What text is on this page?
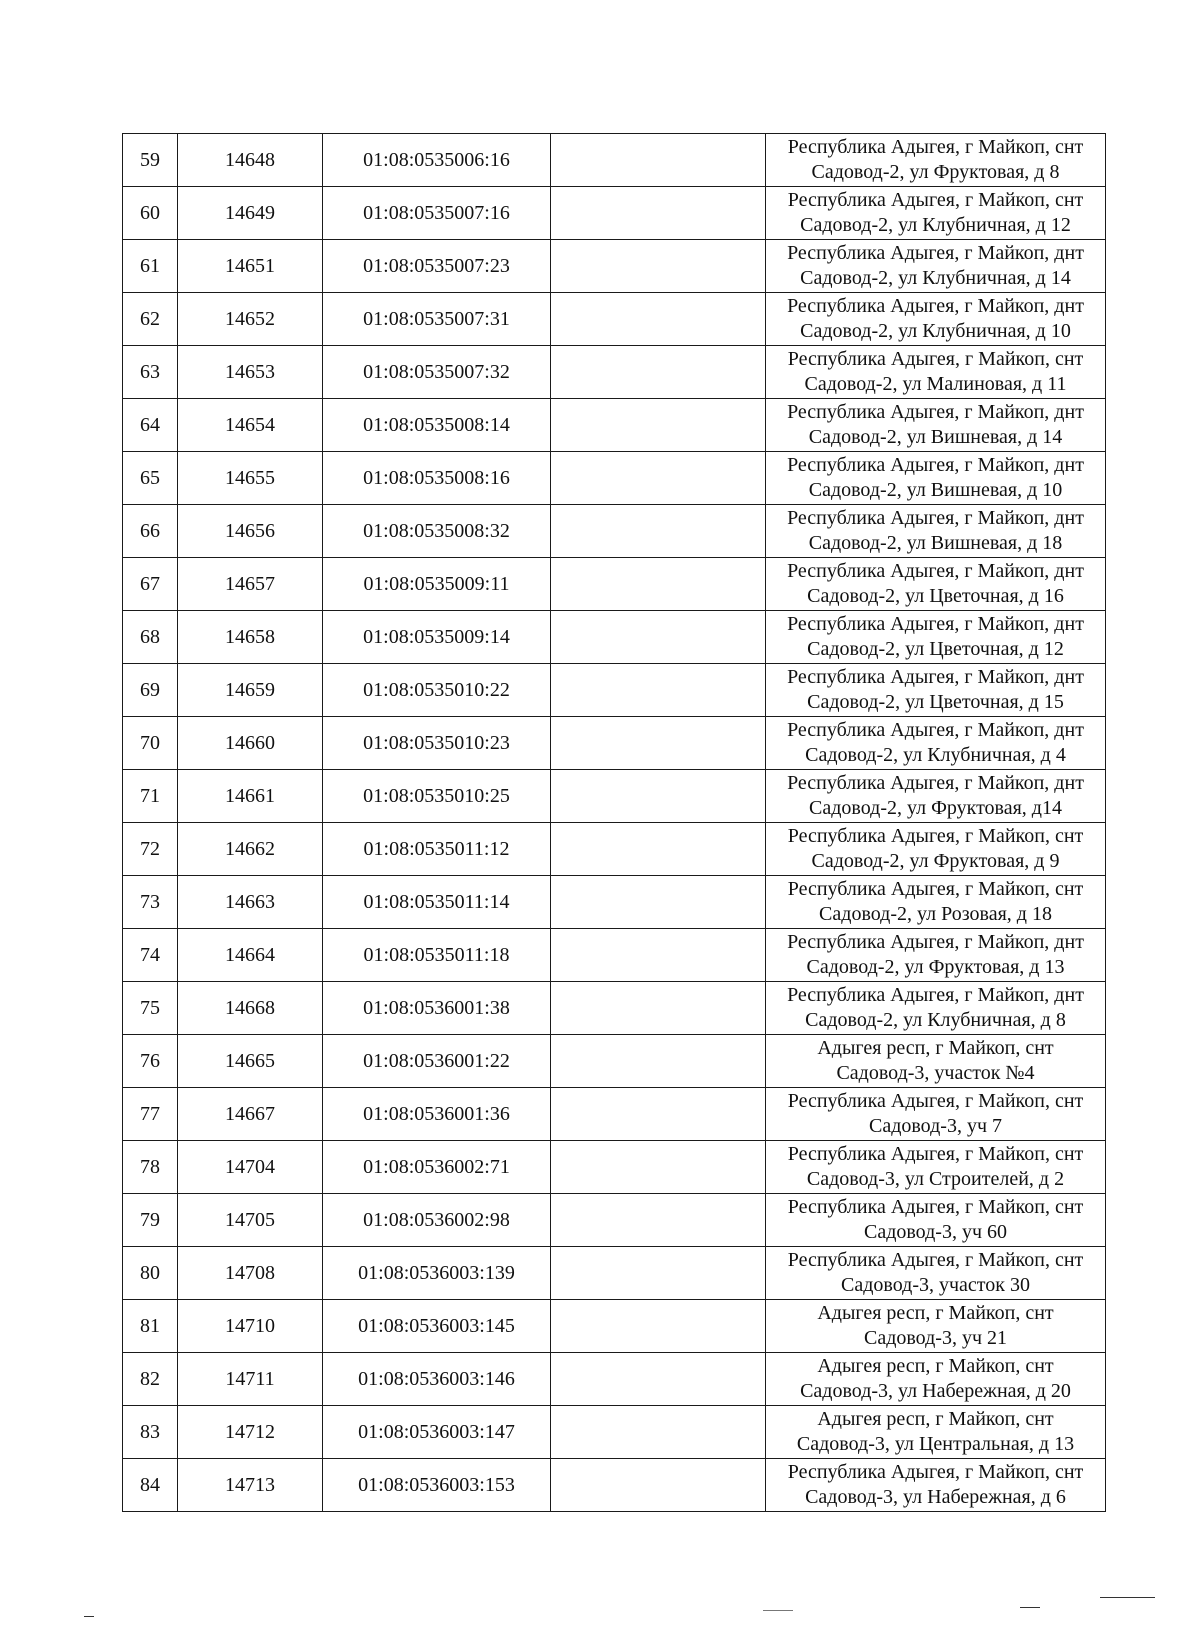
59	14648	01:08:0535006:16		Республика Адыгея, г Майкоп, снт
Садовод-2, ул Фруктовая, д 8

60	14649	01:08:0535007:16		Республика Адыгея, г Майкоп, снт
Садовод-2, ул Клубничная, д 12

61	14651	01:08:0535007:23		Республика Адыгея, г Майкоп, днт
Садовод-2, ул Клубничная, д 14

62	14652	01:08:0535007:31		Республика Адыгея, г Майкоп, днт
Садовод-2, ул Клубничная, д 10

63	14653	01:08:0535007:32		Республика Адыгея, г Майкоп, снт
Садовод-2, ул Малиновая, д 11

64	14654	01:08:0535008:14		Республика Адыгея, г Майкоп, днт
Садовод-2, ул Вишневая, д 14

65	14655	01:08:0535008:16		Республика Адыгея, г Майкоп, днт
Садовод-2, ул Вишневая, д 10

66	14656	01:08:0535008:32		Республика Адыгея, г Майкоп, днт
Садовод-2, ул Вишневая, д 18

67	14657	01:08:0535009:11		Республика Адыгея, г Майкоп, днт
Садовод-2, ул Цветочная, д 16

68	14658	01:08:0535009:14		Республика Адыгея, г Майкоп, днт
Садовод-2, ул Цветочная, д 12

69	14659	01:08:0535010:22		Республика Адыгея, г Майкоп, днт
Садовод-2, ул Цветочная, д 15

70	14660	01:08:0535010:23		Республика Адыгея, г Майкоп, днт
Садовод-2, ул Клубничная, д 4

71	14661	01:08:0535010:25		Республика Адыгея, г Майкоп, днт
Садовод-2, ул Фруктовая, д14

72	14662	01:08:0535011:12		Республика Адыгея, г Майкоп, снт
Садовод-2, ул Фруктовая, д 9

73	14663	01:08:0535011:14		Республика Адыгея, г Майкоп, снт
Садовод-2, ул Розовая, д 18

74	14664	01:08:0535011:18		Республика Адыгея, г Майкоп, днт
Садовод-2, ул Фруктовая, д 13

75	14668	01:08:0536001:38		Республика Адыгея, г Майкоп, днт
Садовод-2, ул Клубничная, д 8

76	14665	01:08:0536001:22		Адыгея респ, г Майкоп, снт
Садовод-3, участок №4

77	14667	01:08:0536001:36		Республика Адыгея, г Майкоп, снт
Садовод-3, уч 7

78	14704	01:08:0536002:71		Республика Адыгея, г Майкоп, снт
Садовод-3, ул Строителей, д 2

79	14705	01:08:0536002:98		Республика Адыгея, г Майкоп, снт
Садовод-3, уч 60

80	14708	01:08:0536003:139		Республика Адыгея, г Майкоп, снт
Садовод-3, участок 30

81	14710	01:08:0536003:145		Адыгея респ, г Майкоп, снт
Садовод-3, уч 21

82	14711	01:08:0536003:146		Адыгея респ, г Майкоп, снт
Садовод-3, ул Набережная, д 20

83	14712	01:08:0536003:147		Адыгея респ, г Майкоп, снт
Садовод-3, ул Центральная, д 13

84	14713	01:08:0536003:153		Республика Адыгея, г Майкоп, снт
Садовод-3, ул Набережная, д 6
